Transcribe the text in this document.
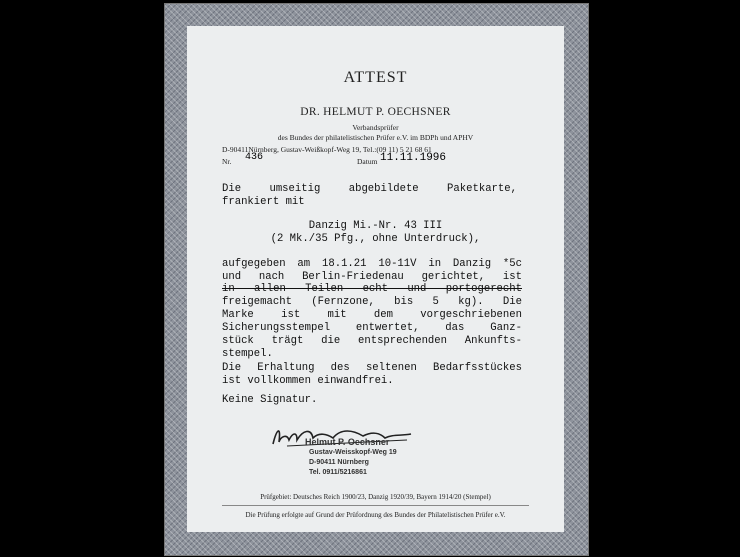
ATTEST
DR. HELMUT P. OECHSNER
Verbandsprüfer
des Bundes der philatelistischen Prüfer e.V. im BDPh und APHV
D-90411Nürnberg, Gustav-Weißkopf-Weg 19, Tel.:(09 11) 5 21 68 61
Nr. 436	Datum 11.11.1996
Die umseitig abgebildete Paketkarte,
frankiert mit
Danzig Mi.-Nr. 43 III
(2 Mk./35 Pfg., ohne Unterdruck),
aufgegeben am 18.1.21 10-11V in Danzig *5c
und nach Berlin-Friedenau gerichtet, ist
in allen Teilen echt und portogerecht
freigemacht (Fernzone, bis 5 kg). Die
Marke ist mit dem vorgeschriebenen
Sicherungsstempel entwertet, das Ganz-
stück trägt die entsprechenden Ankunfts-
stempel.
Die Erhaltung des seltenen Bedarfsstückes
ist vollkommen einwandfrei.
Keine Signatur.
Helmut P. Oechsner
Gustav-Weisskopf-Weg 19
D-90411 Nürnberg
Tel. 0911/5216861
Prüfgebiet: Deutsches Reich 1900/23, Danzig 1920/39, Bayern 1914/20 (Stempel)
Die Prüfung erfolgte auf Grund der Prüfordnung des Bundes der Philatelistischen Prüfer e.V.
